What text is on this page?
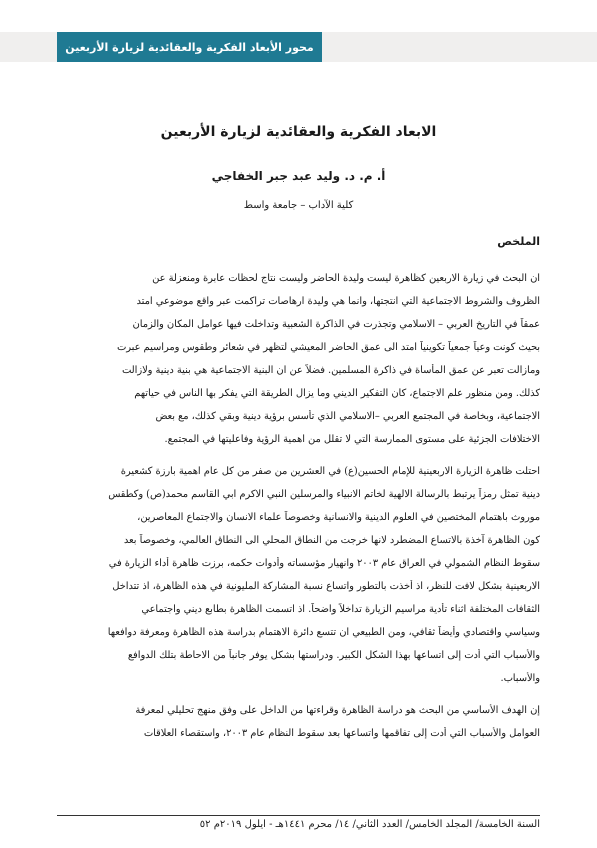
محور الأبعاد الفكرية والعقائدية لزيارة الأربعين
الابعاد الفكرية والعقائدية لزيارة الأربعين
أ. م. د. وليد عبد جبر الخفاجي
كلية الآداب – جامعة واسط
الملخص
ان البحث في زيارة الاربعين كظاهرة ليست وليدة الحاضر وليست نتاج لحظات عابرة ومنعزلة عن
الظروف والشروط الاجتماعية التي انتجتها، وانما هي وليدة ارهاصات تراكمت عبر واقع موضوعي امتد
عمقاً في التاريخ العربي – الاسلامي وتجذرت في الذاكرة الشعبية وتداخلت فيها عوامل المكان والزمان
بحيث كونت وعياً جمعياً تكوينياً امتد الى عمق الحاضر المعيشي لتظهر في شعائر وطقوس ومراسيم عبرت
ومازالت تعبر عن عمق المأساة في ذاكرة المسلمين. فضلاً عن ان البنية الاجتماعية هي بنية دينية ولازالت
كذلك. ومن منظور علم الاجتماع، كان التفكير الديني وما يزال الطريقة التي يفكر بها الناس في حياتهم
الاجتماعية، وبخاصة في المجتمع العربي –الاسلامي الذي تأسس برؤية دينية وبقي كذلك، مع بعض
الاختلافات الجزئية على مستوى الممارسة التي لا تقلل من اهمية الرؤية وفاعليتها في المجتمع.
احتلت ظاهرة الزيارة الاربعينية للإمام الحسين(ع) في العشرين من صفر من كل عام اهمية بارزة كشعيرة
دينية تمثل رمزاً يرتبط بالرسالة الالهية لخاتم الانبياء والمرسلين النبي الاكرم ابي القاسم محمد(ص) وكطقس
موروث باهتمام المختصين في العلوم الدينية والانسانية وخصوصاً علماء الانسان والاجتماع المعاصرين،
كون الظاهرة آخذة بالاتساع المضطرد لانها خرجت من النطاق المحلي الى النطاق العالمي، وخصوصاً بعد
سقوط النظام الشمولي في العراق عام ٢٠٠٣ وانهيار مؤسساته وأدوات حكمه، برزت ظاهرة أداء الزيارة في
الاربعينية بشكل لافت للنظر، اذ أخذت بالتطور واتساع نسبة المشاركة المليونية في هذه الظاهرة، اذ تتداخل
الثقافات المختلفة اثناء تأدية مراسيم الزيارة تداخلاً واضحاً. اذ اتسمت الظاهرة بطابع ديني واجتماعي
وسياسي واقتصادي وأيضاً ثقافي، ومن الطبيعي ان تتسع دائرة الاهتمام بدراسة هذه الظاهرة ومعرفة دوافعها
والأسباب التي أدت إلى اتساعها بهذا الشكل الكبير. ودراستها بشكل يوفر جانباً من الاحاطة بتلك الدوافع
والأسباب.
إن الهدف الأساسي من البحث هو دراسة الظاهرة وقراءتها من الداخل على وفق منهج تحليلي لمعرفة
العوامل والأسباب التي أدت إلى تفاقمها واتساعها بعد سقوط النظام عام ٢٠٠٣، واستقصاء العلاقات
السنة الخامسة/ المجلد الخامس/ العدد الثاني/ ١٤/ محرم ١٤٤١هـ - أيلول ٢٠١٩م ٥٢
